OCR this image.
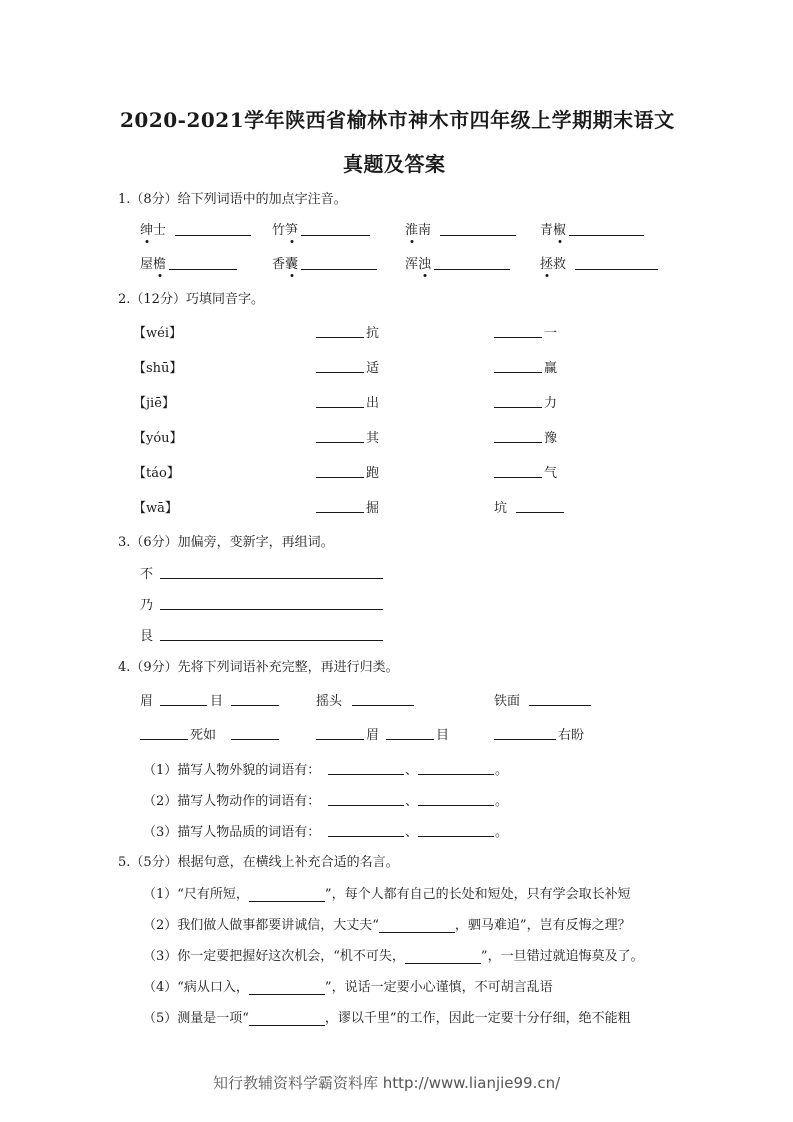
2020-2021学年陕西省榆林市神木市四年级上学期期末语文
真题及答案
1.（8分）给下列词语中的加点字注音。
绅士	竹笋	淮南	青椒
屋檐	香囊	浑浊	拯救
2.（12分）巧填同音字。
【wéi】	抗	一
【shū】	适	赢
【jiē】	出	力
【yóu】	其	豫
【táo】	跑	气
【wā】	掘	坑
3.（6分）加偏旁，变新字，再组词。
不
乃
艮
4.（9分）先将下列词语补充完整，再进行归类。
眉	目	摇头	铁面
死如	眉	目	右盼
（1）描写人物外貌的词语有：	、	。
（2）描写人物动作的词语有：	、	。
（3）描写人物品质的词语有：	、	。
5.（5分）根据句意，在横线上补充合适的名言。
（1）“尺有所短，	”，每个人都有自己的长处和短处，只有学会取长补短
（2）我们做人做事都要讲诚信，大丈夫“	，驷马难追”，岂有反悔之理？
（3）你一定要把握好这次机会，“机不可失，	”，一旦错过就追悔莫及了。
（4）“病从口入，	”，说话一定要小心谨慎，不可胡言乱语
（5）测量是一项“	，谬以千里”的工作，因此一定要十分仔细，绝不能粗
知行教辅资料学霸资料库 http://www.lianjie99.cn/
